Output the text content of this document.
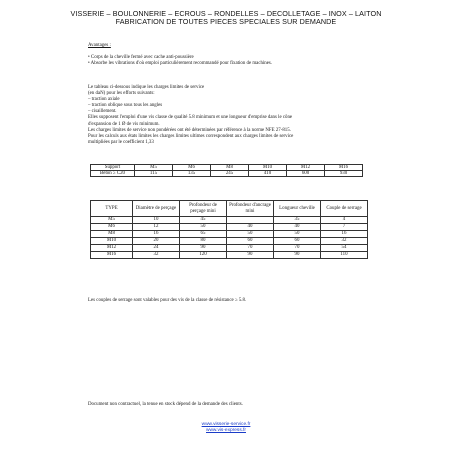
VISSERIE – BOULONNERIE – ECROUS – RONDELLES – DECOLLETAGE – INOX – LAITON
FABRICATION DE TOUTES PIECES SPECIALES SUR DEMANDE
Avantages :
• Corps de la cheville fermé avec cache anti-poussière
• Absorbe les vibrations d'où emploi particulièrement recommandé pour fixation de machines.
Le tableau ci-dessous indique les charges limites de service
(en daN) pour les efforts suivants:
– traction axiale
– traction oblique sous tous les angles
– cisaillement.
Elles supposent l'emploi d'une vis classe de qualité 5.8 minimum et une longueur d'emprise dans le cône
d'expansion de 1 Ø de vis minimum.
Les charges limites de service non pondérées ont été déterminées par référence à la norme NFE 27-815.
Pour les calculs aux états limites les charges limites ultimes correspondent aux charges limites de service
multipliées par le coefficient 1,33
Support	M5	M6	M8	M10	M12	M16
Béton ≥ C20	115	135	245	410	600	930
TYPE	Diamètre de perçage	Profondeur de perçage mini	Profondeur d'ancrage mini	Longueur cheville	Couple de serrage
M5	10	45		35	4
M6	12	50	40	40	7
M8	16	65	50	50	16
M10	20	80	60	60	32
M12	24	90	70	70	54
M16	32	120	90	90	110
Les couples de serrage sont valables pour des vis de la classe de résistance ≥ 5.8.
Document non contractuel, la tenue en stock dépend de la demande des clients.
www.visserie-service.fr
www.vis-express.fr
